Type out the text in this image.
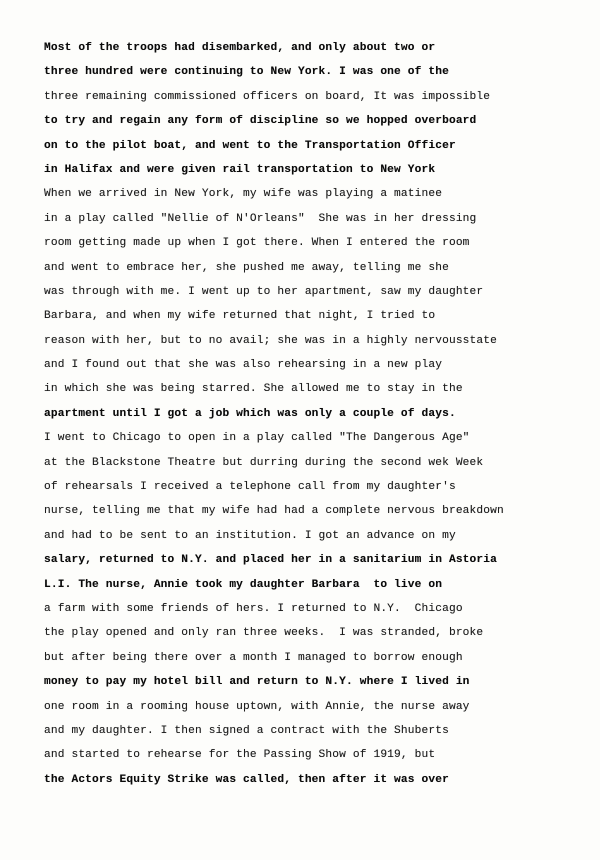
Most of the troops had disembarked, and only about two or
three hundred were continuing to New York. I was one of the
three remaining commissioned officers on board, It was impossible
to try and regain any form of discipline so we hopped overboard
on to the pilot boat, and went to the Transportation Officer
in Halifax and were given rail transportation to New York
When we arrived in New York, my wife was playing a matinee
in a play called "Nellie of N'Orleans"  She was in her dressing
room getting made up when I got there. When I entered the room
and went to embrace her, she pushed me away, telling me she
was through with me. I went up to her apartment, saw my daughter
Barbara, and when my wife returned that night, I tried to
reason with her, but to no avail; she was in a highly nervousstate
and I found out that she was also rehearsing in a new play
in which she was being starred. She allowed me to stay in the
apartment until I got a job which was only a couple of days.
I went to Chicago to open in a play called "The Dangerous Age"
at the Blackstone Theatre but durring during the second wek Week
of rehearsals I received a telephone call from my daughter's
nurse, telling me that my wife had had a complete nervous breakdown
and had to be sent to an institution. I got an advance on my
salary, returned to N.Y. and placed her in a sanitarium in Astoria
L.I. The nurse, Annie took my daughter Barbara  to live on
a farm with some friends of hers. I returned to N.Y.  Chicago
the play opened and only ran three weeks.  I was stranded, broke
but after being there over a month I managed to borrow enough
money to pay my hotel bill and return to N.Y. where I lived in
one room in a rooming house uptown, with Annie, the nurse away
and my daughter. I then signed a contract with the Shuberts
and started to rehearse for the Passing Show of 1919, but
the Actors Equity Strike was called, then after it was over
